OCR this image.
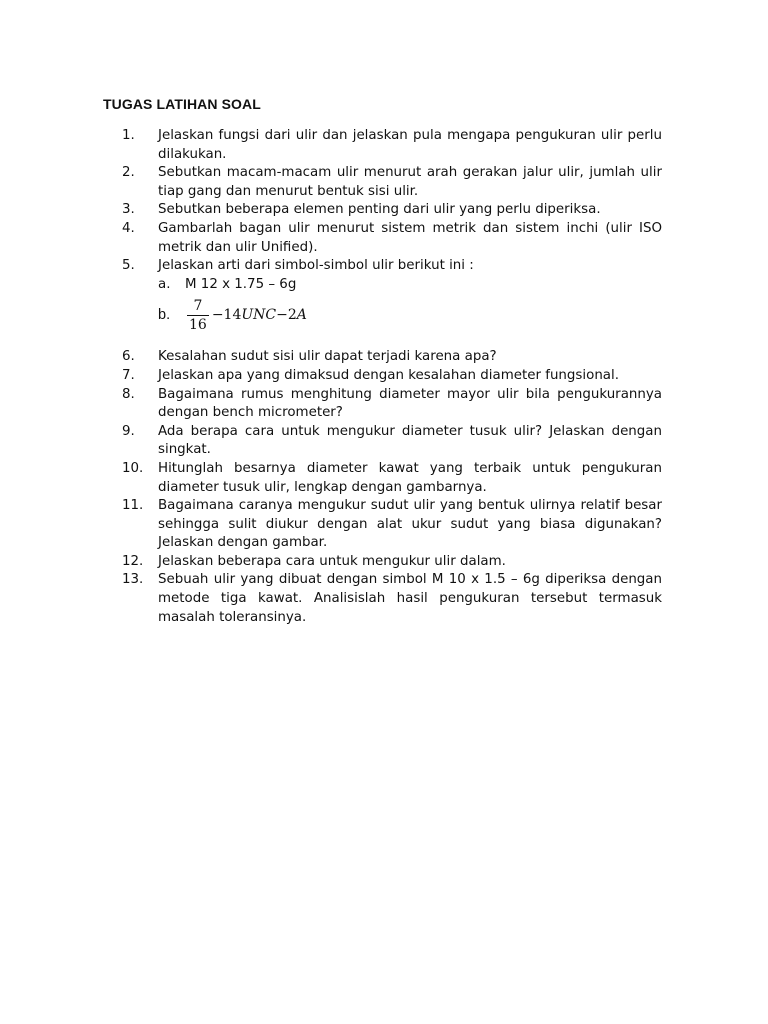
TUGAS LATIHAN SOAL
1.	Jelaskan fungsi dari ulir dan jelaskan pula mengapa pengukuran ulir perlu dilakukan.
2.	Sebutkan macam-macam ulir menurut arah gerakan jalur ulir, jumlah ulir tiap gang dan menurut bentuk sisi ulir.
3.	Sebutkan beberapa elemen penting dari ulir yang perlu diperiksa.
4.	Gambarlah bagan ulir menurut sistem metrik dan sistem inchi (ulir ISO metrik dan ulir Unified).
5.	Jelaskan arti dari simbol-simbol ulir berikut ini :
a.	M 12 x 1.75 – 6g
b.	$\frac{7}{16} -14$ UNC −2 A
6.	Kesalahan sudut sisi ulir dapat terjadi karena apa?
7.	Jelaskan apa yang dimaksud dengan kesalahan diameter fungsional.
8.	Bagaimana rumus menghitung diameter mayor ulir bila pengukurannya dengan bench micrometer?
9.	Ada berapa cara untuk mengukur diameter tusuk ulir? Jelaskan dengan singkat.
10.	Hitunglah besarnya diameter kawat yang terbaik untuk pengukuran diameter tusuk ulir, lengkap dengan gambarnya.
11.	Bagaimana caranya mengukur sudut ulir yang bentuk ulirnya relatif besar sehingga sulit diukur dengan alat ukur sudut yang biasa digunakan? Jelaskan dengan gambar.
12.	Jelaskan beberapa cara untuk mengukur ulir dalam.
13.	Sebuah ulir yang dibuat dengan simbol M 10 x 1.5 – 6g diperiksa dengan metode tiga kawat. Analisislah hasil pengukuran tersebut termasuk masalah toleransinya.
